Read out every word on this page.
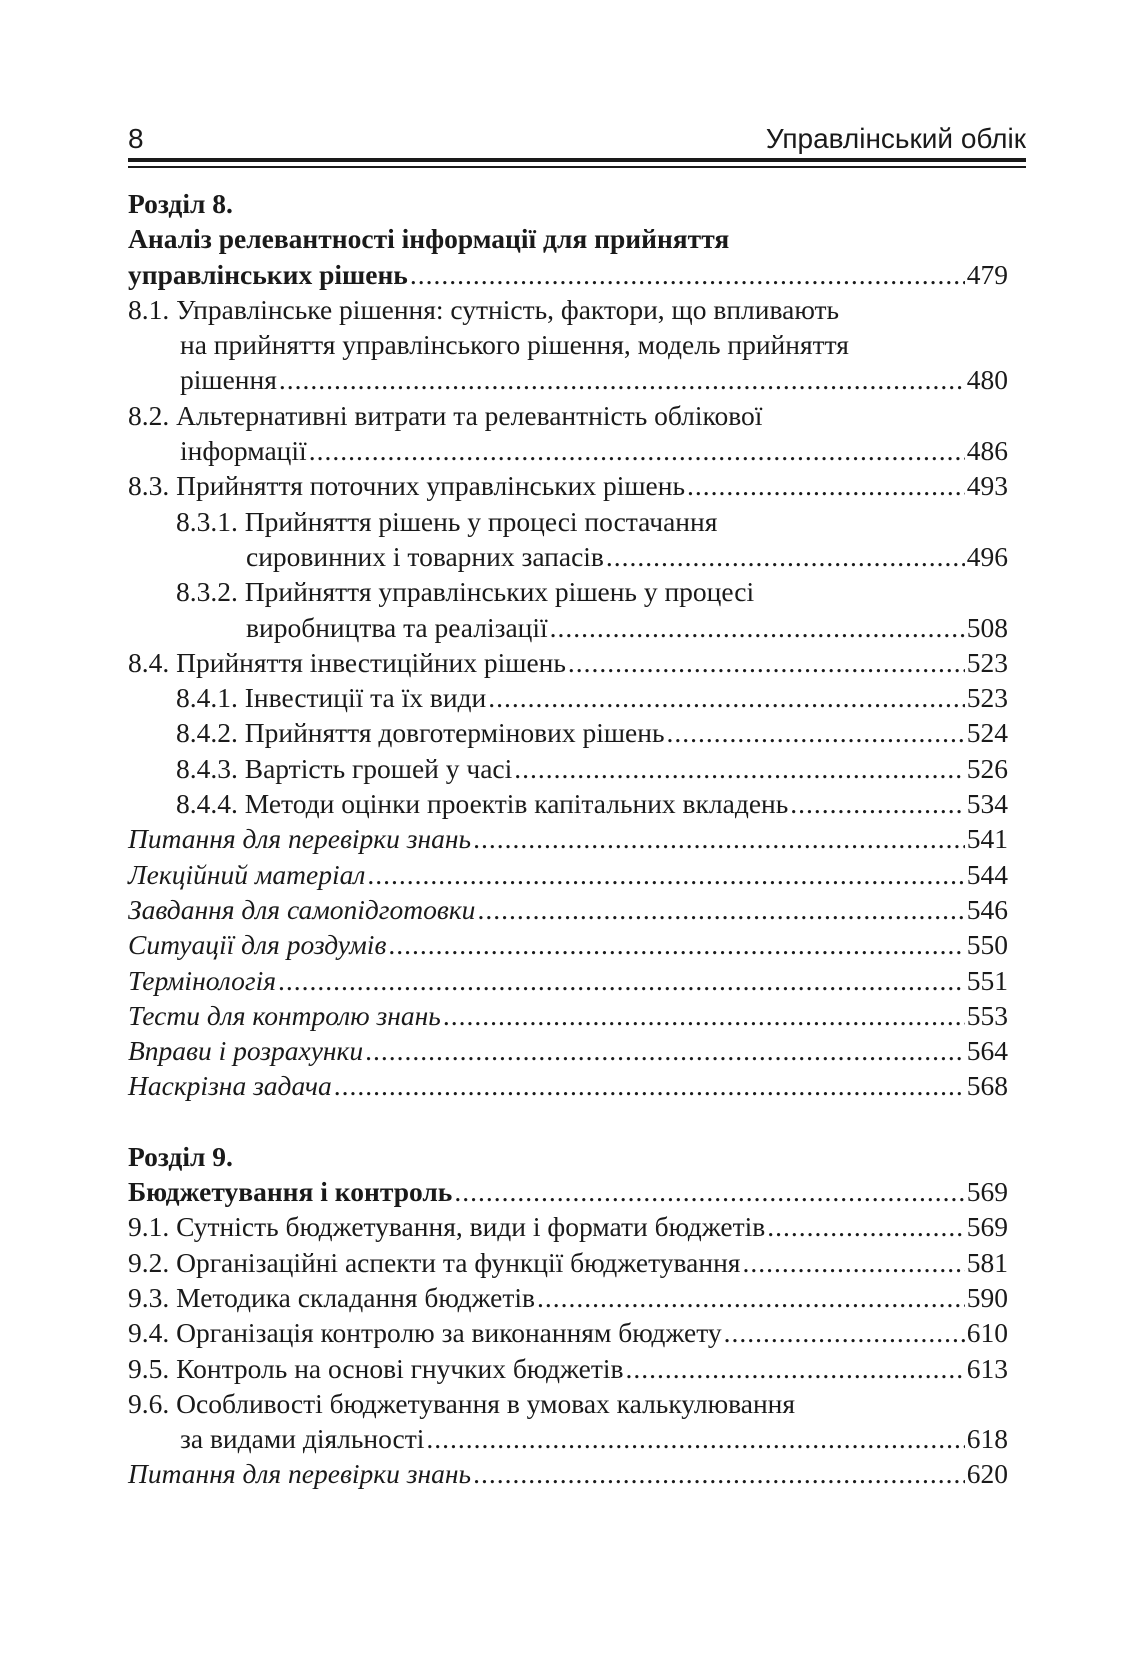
8	Управлінський облік
Розділ 8.
Аналіз релевантності інформації для прийняття
управлінських рішень .....	479
8.1. Управлінське рішення: сутність, фактори, що впливають
на прийняття управлінського рішення, модель прийняття
рішення .....	480
8.2. Альтернативні витрати та релевантність облікової
інформації .....	486
8.3. Прийняття поточних управлінських рішень .....	493
8.3.1. Прийняття рішень у процесі постачання
сировинних і товарних запасів .....	496
8.3.2. Прийняття управлінських рішень у процесі
виробництва та реалізації .....	508
8.4. Прийняття інвестиційних рішень .....	523
8.4.1. Інвестиції та їх види .....	523
8.4.2. Прийняття довготермінових рішень .....	524
8.4.3. Вартість грошей у часі .....	526
8.4.4. Методи оцінки проектів капітальних вкладень .....	534
Питання для перевірки знань .....	541
Лекційний матеріал .....	544
Завдання для самопідготовки .....	546
Ситуації для роздумів .....	550
Термінологія .....	551
Тести для контролю знань .....	553
Вправи і розрахунки .....	564
Наскрізна задача .....	568
Розділ 9.
Бюджетування і контроль .....	569
9.1. Сутність бюджетування, види і формати бюджетів .....	569
9.2. Організаційні аспекти та функції бюджетування .....	581
9.3. Методика складання бюджетів .....	590
9.4. Організація контролю за виконанням бюджету .....	610
9.5. Контроль на основі гнучких бюджетів .....	613
9.6. Особливості бюджетування в умовах калькулювання
за видами діяльності .....	618
Питання для перевірки знань .....	620
